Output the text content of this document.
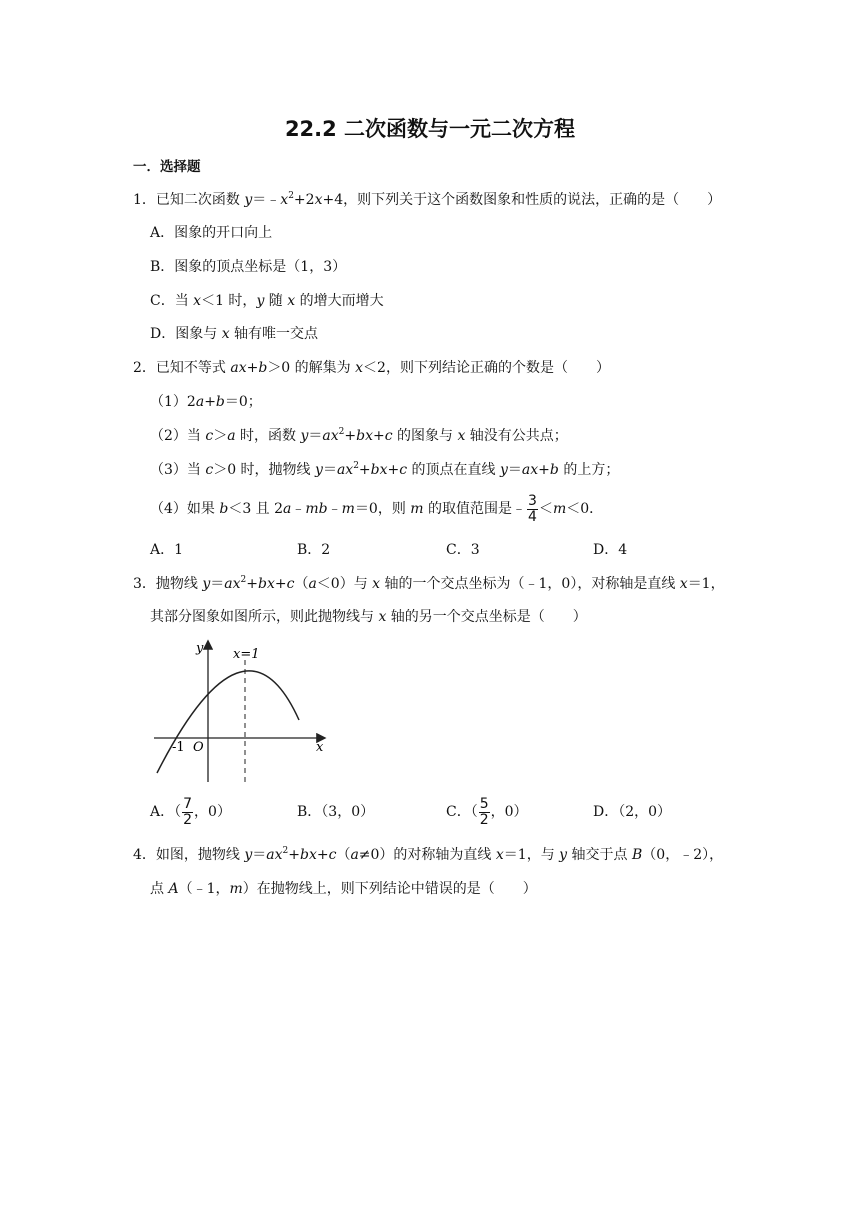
22.2 二次函数与一元二次方程
一．选择题
1．已知二次函数 $y=﹣x^2+2x+4$，则下列关于这个函数图象和性质的说法，正确的是（　　）
A．图象的开口向上
B．图象的顶点坐标是（1，3）
C．当 x＜1 时，y 随 x 的增大而增大
D．图象与 x 轴有唯一交点
2．已知不等式 ax+b＞0 的解集为 x＜2，则下列结论正确的个数是（　　）
（1）2a+b＝0；
（2）当 c＞a 时，函数 $y=ax^2+bx+c$ 的图象与 x 轴没有公共点；
（3）当 c＞0 时，抛物线 $y=ax^2+bx+c$ 的顶点在直线 y＝ax+b 的上方；
（4）如果 b＜3 且 2a﹣mb﹣m＝0，则 m 的取值范围是﹣ $\frac{3}{4} <m<0$．
A．1	B．2	C．3	D．4
3．抛物线 $y=ax^2+bx+c(a<0)$与 x 轴的一个交点坐标为（﹣1，0），对称轴是直线 x＝1，
其部分图象如图所示，则此抛物线与 x 轴的另一个交点坐标是（　　）
y
x
x=1
-1 O
A．（ $\frac{7}{2}$ ，0）	B．（3，0）	C．（ $\frac{5}{2}$ ，0）	D．（2，0）
4．如图，抛物线 $y=ax^2+bx+c(a\ne 0)$的对称轴为直线 x＝1，与 y 轴交于点 B（0，﹣2），
点 A（﹣1，m）在抛物线上，则下列结论中错误的是（　　）
